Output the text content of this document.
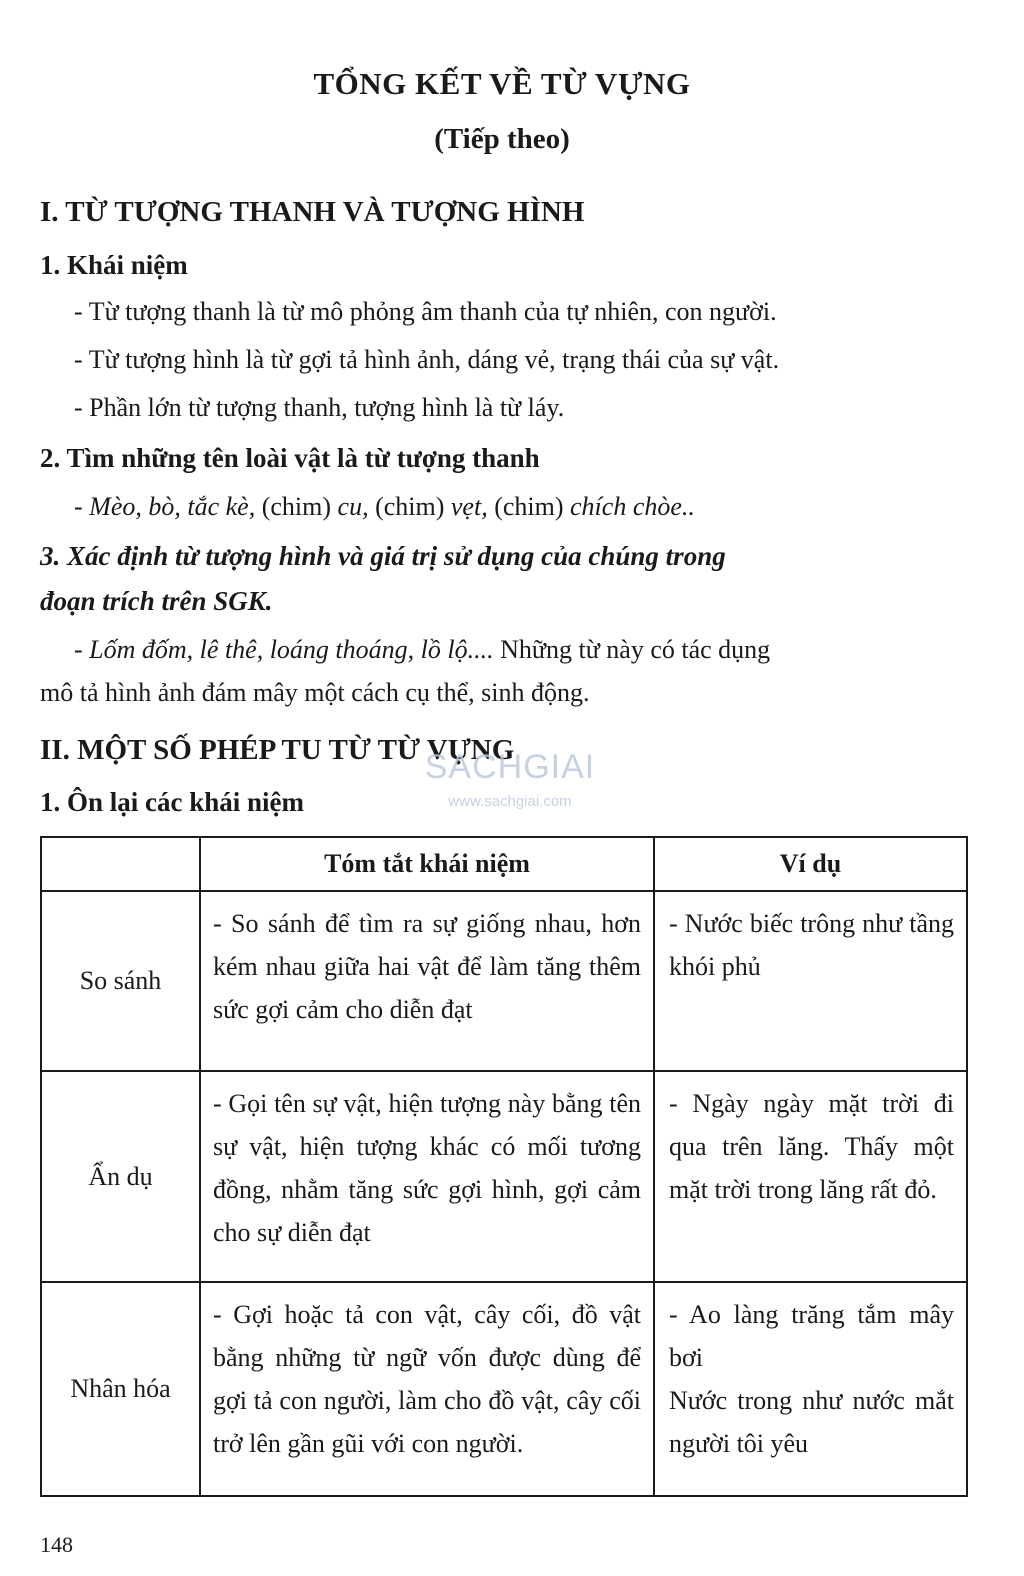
TỔNG KẾT VỀ TỪ VỰNG
(Tiếp theo)
I. TỪ TƯỢNG THANH VÀ TƯỢNG HÌNH
1. Khái niệm
- Từ tượng thanh là từ mô phỏng âm thanh của tự nhiên, con người.
- Từ tượng hình là từ gợi tả hình ảnh, dáng vẻ, trạng thái của sự vật.
- Phần lớn từ tượng thanh, tượng hình là từ láy.
2. Tìm những tên loài vật là từ tượng thanh
- Mèo, bò, tắc kè, (chim) cu, (chim) vẹt, (chim) chích chòe..
3. Xác định từ tượng hình và giá trị sử dụng của chúng trong
đoạn trích trên SGK.
- Lốm đốm, lê thê, loáng thoáng, lồ lộ.... Những từ này có tác dụng
mô tả hình ảnh đám mây một cách cụ thể, sinh động.
II. MỘT SỐ PHÉP TU TỪ TỪ VỰNG
SACHGIAI
www.sachgiai.com
1. Ôn lại các khái niệm
	Tóm tắt khái niệm	Ví dụ
So sánh	- So sánh để tìm ra sự giống nhau, hơn kém nhau giữa hai vật để làm tăng thêm sức gợi cảm cho diễn đạt	- Nước biếc trông như tầng khói phủ
Ẩn dụ	- Gọi tên sự vật, hiện tượng này bằng tên sự vật, hiện tượng khác có mối tương đồng, nhằm tăng sức gợi hình, gợi cảm cho sự diễn đạt	- Ngày ngày mặt trời đi qua trên lăng. Thấy một mặt trời trong lăng rất đỏ.
Nhân hóa	- Gợi hoặc tả con vật, cây cối, đồ vật bằng những từ ngữ vốn được dùng để gợi tả con người, làm cho đồ vật, cây cối trở lên gần gũi với con người.	- Ao làng trăng tắm mây bơi
Nước trong như nước mắt người tôi yêu
148
